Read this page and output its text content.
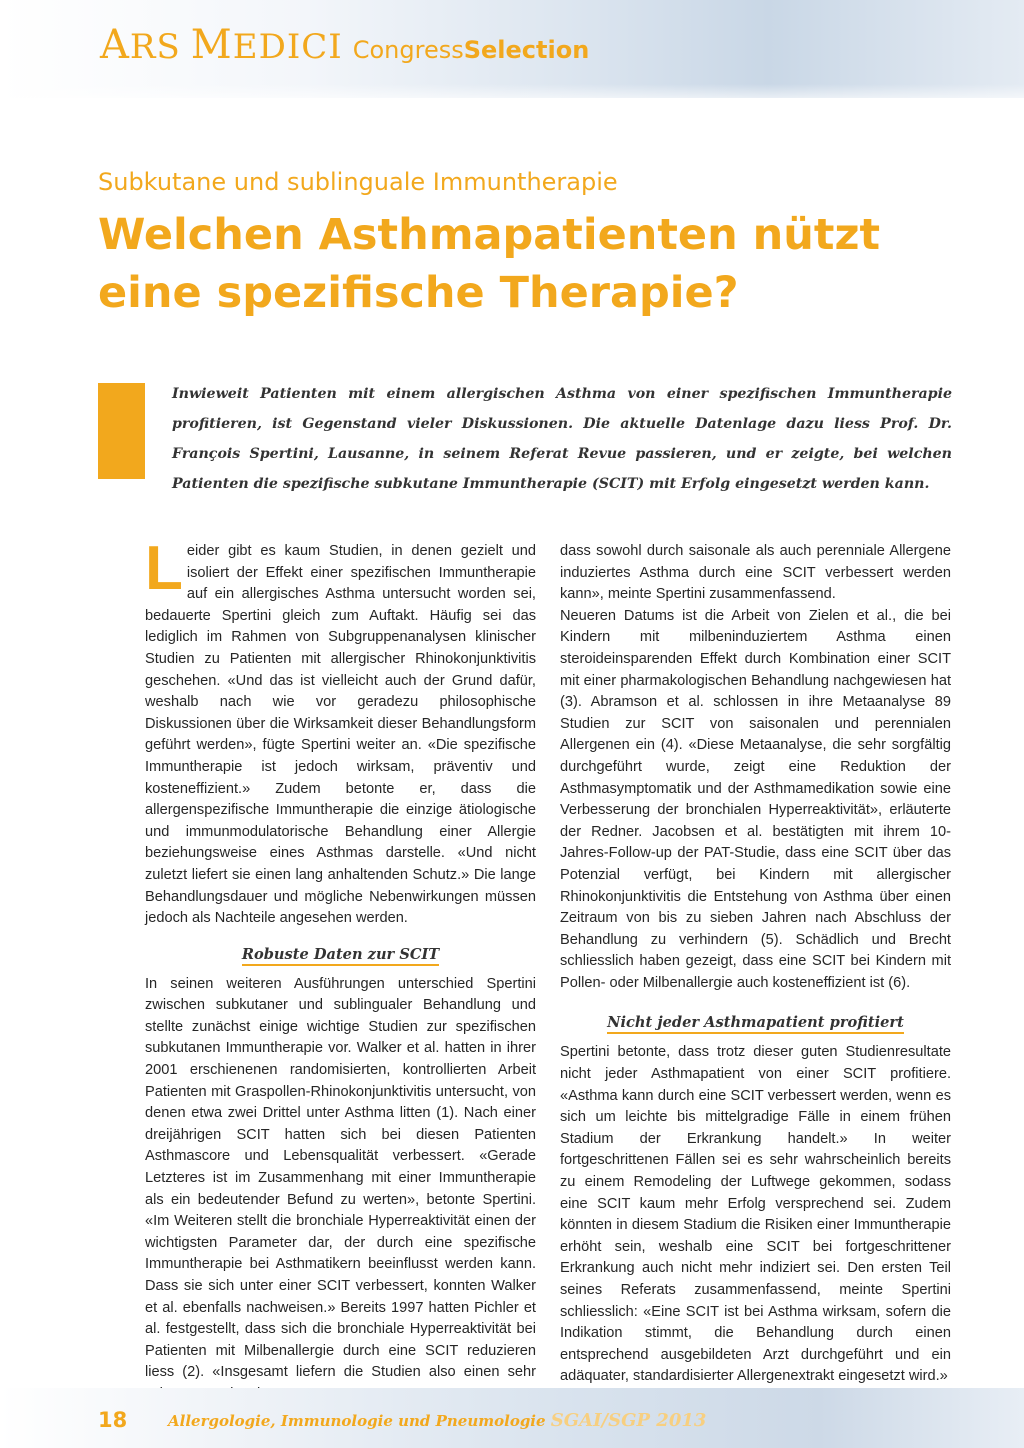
ARS MEDICI Congress Selection
Subkutane und sublinguale Immuntherapie
Welchen Asthmapatienten nützt eine spezifische Therapie?

Inwieweit Patienten mit einem allergischen Asthma von einer spezifischen Immuntherapie profitieren, ist Gegenstand vieler Diskussionen. Die aktuelle Datenlage dazu liess Prof. Dr. François Spertini, Lausanne, in seinem Referat Revue passieren, und er zeigte, bei welchen Patienten die spezifische subkutane Immuntherapie (SCIT) mit Erfolg eingesetzt werden kann.

Leider gibt es kaum Studien, in denen gezielt und isoliert der Effekt einer spezifischen Immuntherapie auf ein allergisches Asthma untersucht worden sei, bedauerte Spertini gleich zum Auftakt. Häufig sei das lediglich im Rahmen von Subgruppenanalysen klinischer Studien zu Patienten mit allergischer Rhinokonjunktivitis geschehen. «Und das ist vielleicht auch der Grund dafür, weshalb nach wie vor geradezu philosophische Diskussionen über die Wirksamkeit dieser Behandlungsform geführt werden», fügte Spertini weiter an. «Die spezifische Immuntherapie ist jedoch wirksam, präventiv und kosteneffizient.» Zudem betonte er, dass die allergenspezifische Immuntherapie die einzige ätiologische und immunmodulatorische Behandlung einer Allergie beziehungsweise eines Asthmas darstelle. «Und nicht zuletzt liefert sie einen lang anhaltenden Schutz.» Die lange Behandlungsdauer und mögliche Nebenwirkungen müssen jedoch als Nachteile angesehen werden.

Robuste Daten zur SCIT

In seinen weiteren Ausführungen unterschied Spertini zwischen subkutaner und sublingualer Behandlung und stellte zunächst einige wichtige Studien zur spezifischen subkutanen Immuntherapie vor. Walker et al. hatten in ihrer 2001 erschienenen randomisierten, kontrollierten Arbeit Patienten mit Graspollen-Rhinokonjunktivitis untersucht, von denen etwa zwei Drittel unter Asthma litten (1). Nach einer dreijährigen SCIT hatten sich bei diesen Patienten Asthmascore und Lebensqualität verbessert. «Gerade Letzteres ist im Zusammenhang mit einer Immuntherapie als ein bedeutender Befund zu werten», betonte Spertini. «Im Weiteren stellt die bronchiale Hyperreaktivität einen der wichtigsten Parameter dar, der durch eine spezifische Immuntherapie bei Asthmatikern beeinflusst werden kann. Dass sie sich unter einer SCIT verbessert, konnten Walker et al. ebenfalls nachweisen.» Bereits 1997 hatten Pichler et al. festgestellt, dass sich die bronchiale Hyperreaktivität bei Patienten mit Milbenallergie durch eine SCIT reduzieren liess (2). «Insgesamt liefern die Studien also einen sehr

dass sowohl durch saisonale als auch perenniale Allergene induziertes Asthma durch eine SCIT verbessert werden kann», meinte Spertini zusammenfassend.

Neueren Datums ist die Arbeit von Zielen et al., die bei Kindern mit milbeninduziertem Asthma einen steroideinsparenden Effekt durch Kombination einer SCIT mit einer pharmakologischen Behandlung nachgewiesen hat (3). Abramson et al. schlossen in ihre Metaanalyse 89 Studien zur SCIT von saisonalen und perennialen Allergenen ein (4). «Diese Metaanalyse, die sehr sorgfältig durchgeführt wurde, zeigt eine Reduktion der Asthmasymptomatik und der Asthmamedikation sowie eine Verbesserung der bronchialen Hyperreaktivität», erläuterte der Redner. Jacobsen et al. bestätigten mit ihrem 10-Jahres-Follow-up der PAT-Studie, dass eine SCIT über das Potenzial verfügt, bei Kindern mit allergischer Rhinokonjunktivitis die Entstehung von Asthma über einen Zeitraum von bis zu sieben Jahren nach Abschluss der Behandlung zu verhindern (5). Schädlich und Brecht schliesslich haben gezeigt, dass eine SCIT bei Kindern mit Pollen- oder Milbenallergie auch kosteneffizient ist (6).

Nicht jeder Asthmapatient profitiert

Spertini betonte, dass trotz dieser guten Studienresultate nicht jeder Asthmapatient von einer SCIT profitiere. «Asthma kann durch eine SCIT verbessert werden, wenn es sich um leichte bis mittelgradige Fälle in einem frühen Stadium der Erkrankung handelt.» In weiter fortgeschrittenen Fällen sei es sehr wahrscheinlich bereits zu einem Remodeling der Luftwege gekommen, sodass eine SCIT kaum mehr Erfolg versprechend sei. Zudem könnten in diesem Stadium die Risiken einer Immuntherapie erhöht sein, weshalb eine SCIT bei fortgeschrittener Erkrankung auch nicht mehr indiziert sei. Den ersten Teil seines Referats zusammenfassend, meinte Spertini schliesslich: «Eine SCIT ist bei Asthma wirksam, sofern die Indikation stimmt, die Behandlung durch einen entsprechend ausgebildeten Arzt durchgeführt und ein adäquater, standardisierter Allergenextrakt eingesetzt wird.»

18	Allergologie, Immunologie und Pneumologie SGAI/SGP 2013
